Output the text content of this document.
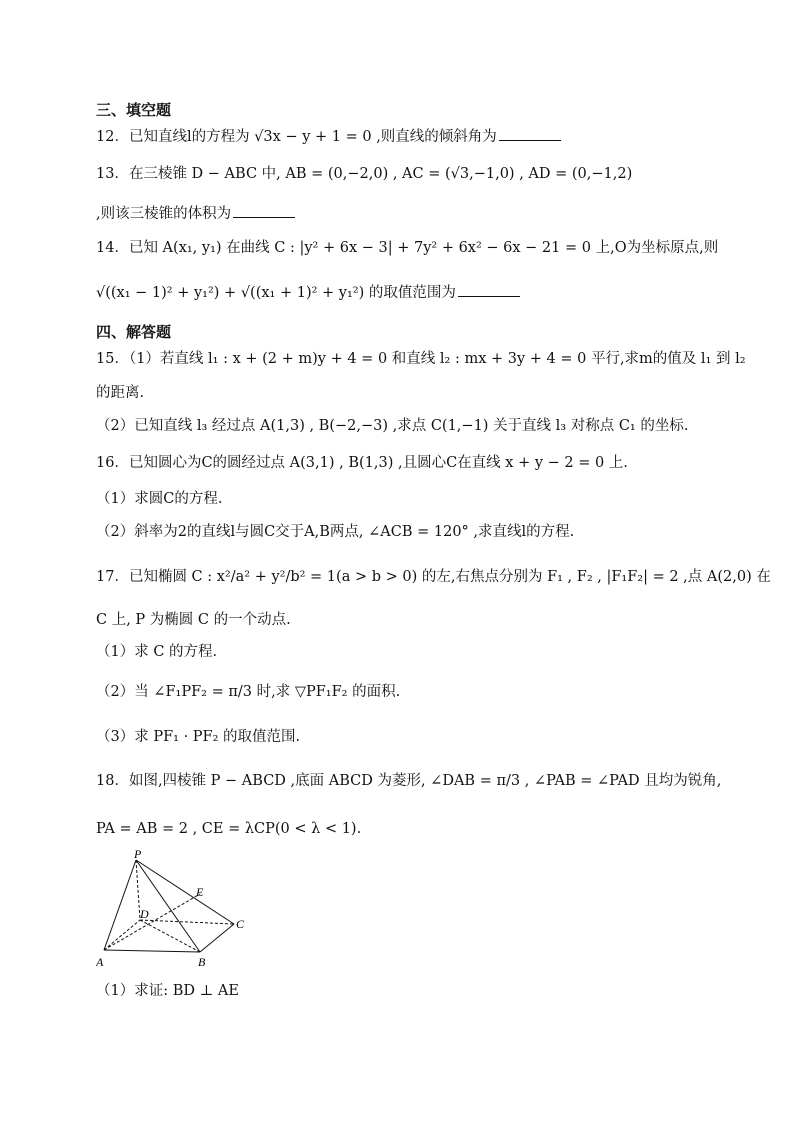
三、填空题
12．已知直线l的方程为 √3x − y + 1 = 0 ,则直线的倾斜角为
13．在三棱锥 D − ABC 中, AB = (0,−2,0) , AC = (√3,−1,0) , AD = (0,−1,2)
,则该三棱锥的体积为
14．已知 A(x₁, y₁) 在曲线 C : |y² + 6x − 3| + 7y² + 6x² − 6x − 21 = 0 上,O为坐标原点,则
√((x₁ − 1)² + y₁²) + √((x₁ + 1)² + y₁²) 的取值范围为
四、解答题
15．（1）若直线 l₁ : x + (2 + m)y + 4 = 0 和直线 l₂ : mx + 3y + 4 = 0 平行,求m的值及 l₁ 到 l₂
的距离.
（2）已知直线 l₃ 经过点 A(1,3) , B(−2,−3) ,求点 C(1,−1) 关于直线 l₃ 对称点 C₁ 的坐标.
16．已知圆心为C的圆经过点 A(3,1) , B(1,3) ,且圆心C在直线 x + y − 2 = 0 上.
（1）求圆C的方程.
（2）斜率为2的直线l与圆C交于A,B两点, ∠ACB = 120° ,求直线l的方程.
17．已知椭圆 C : x²/a² + y²/b² = 1(a > b > 0) 的左,右焦点分别为 F₁ , F₂ , |F₁F₂| = 2 ,点 A(2,0) 在
C 上, P 为椭圆 C 的一个动点.
（1）求 C 的方程.
（2）当 ∠F₁PF₂ = π/3 时,求 ▽PF₁F₂ 的面积.
（3）求 PF₁ · PF₂ 的取值范围.
18．如图,四棱锥 P − ABCD ,底面 ABCD 为菱形, ∠DAB = π/3 , ∠PAB = ∠PAD 且均为锐角,
PA = AB = 2 , CE = λCP(0 < λ < 1).
P
E
D
C
A	B
（1）求证: BD ⊥ AE
